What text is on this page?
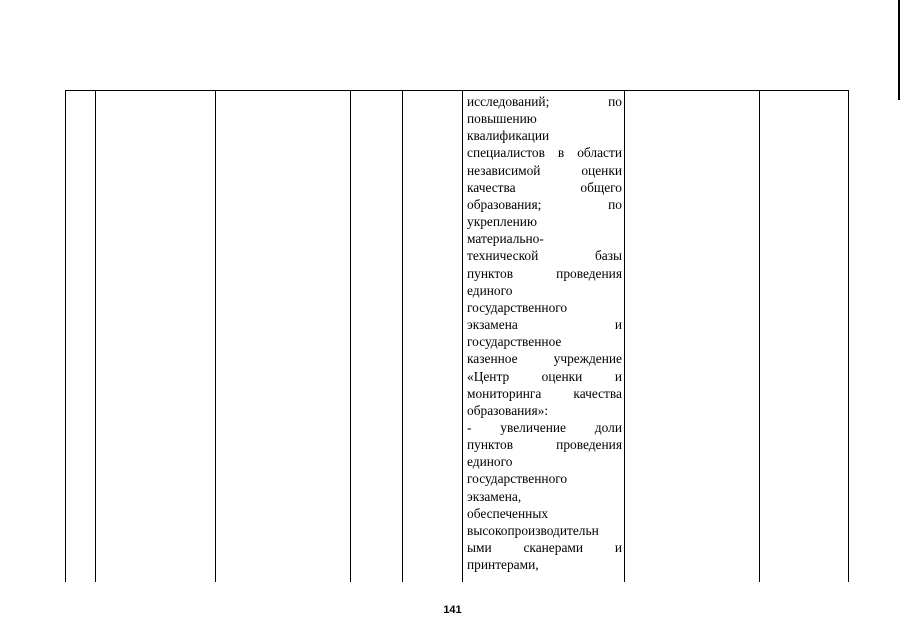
исследований; по
повышению
квалификации
специалистов в области
независимой оценки
качества общего
образования; по
укреплению
материально-
технической базы
пунктов проведения
единого
государственного
экзамена и
государственное
казенное учреждение
«Центр оценки и
мониторинга качества
образования»:
- увеличение доли
пунктов проведения
единого
государственного
экзамена,
обеспеченных
высокопроизводительн
ыми сканерами и
принтерами,

141
